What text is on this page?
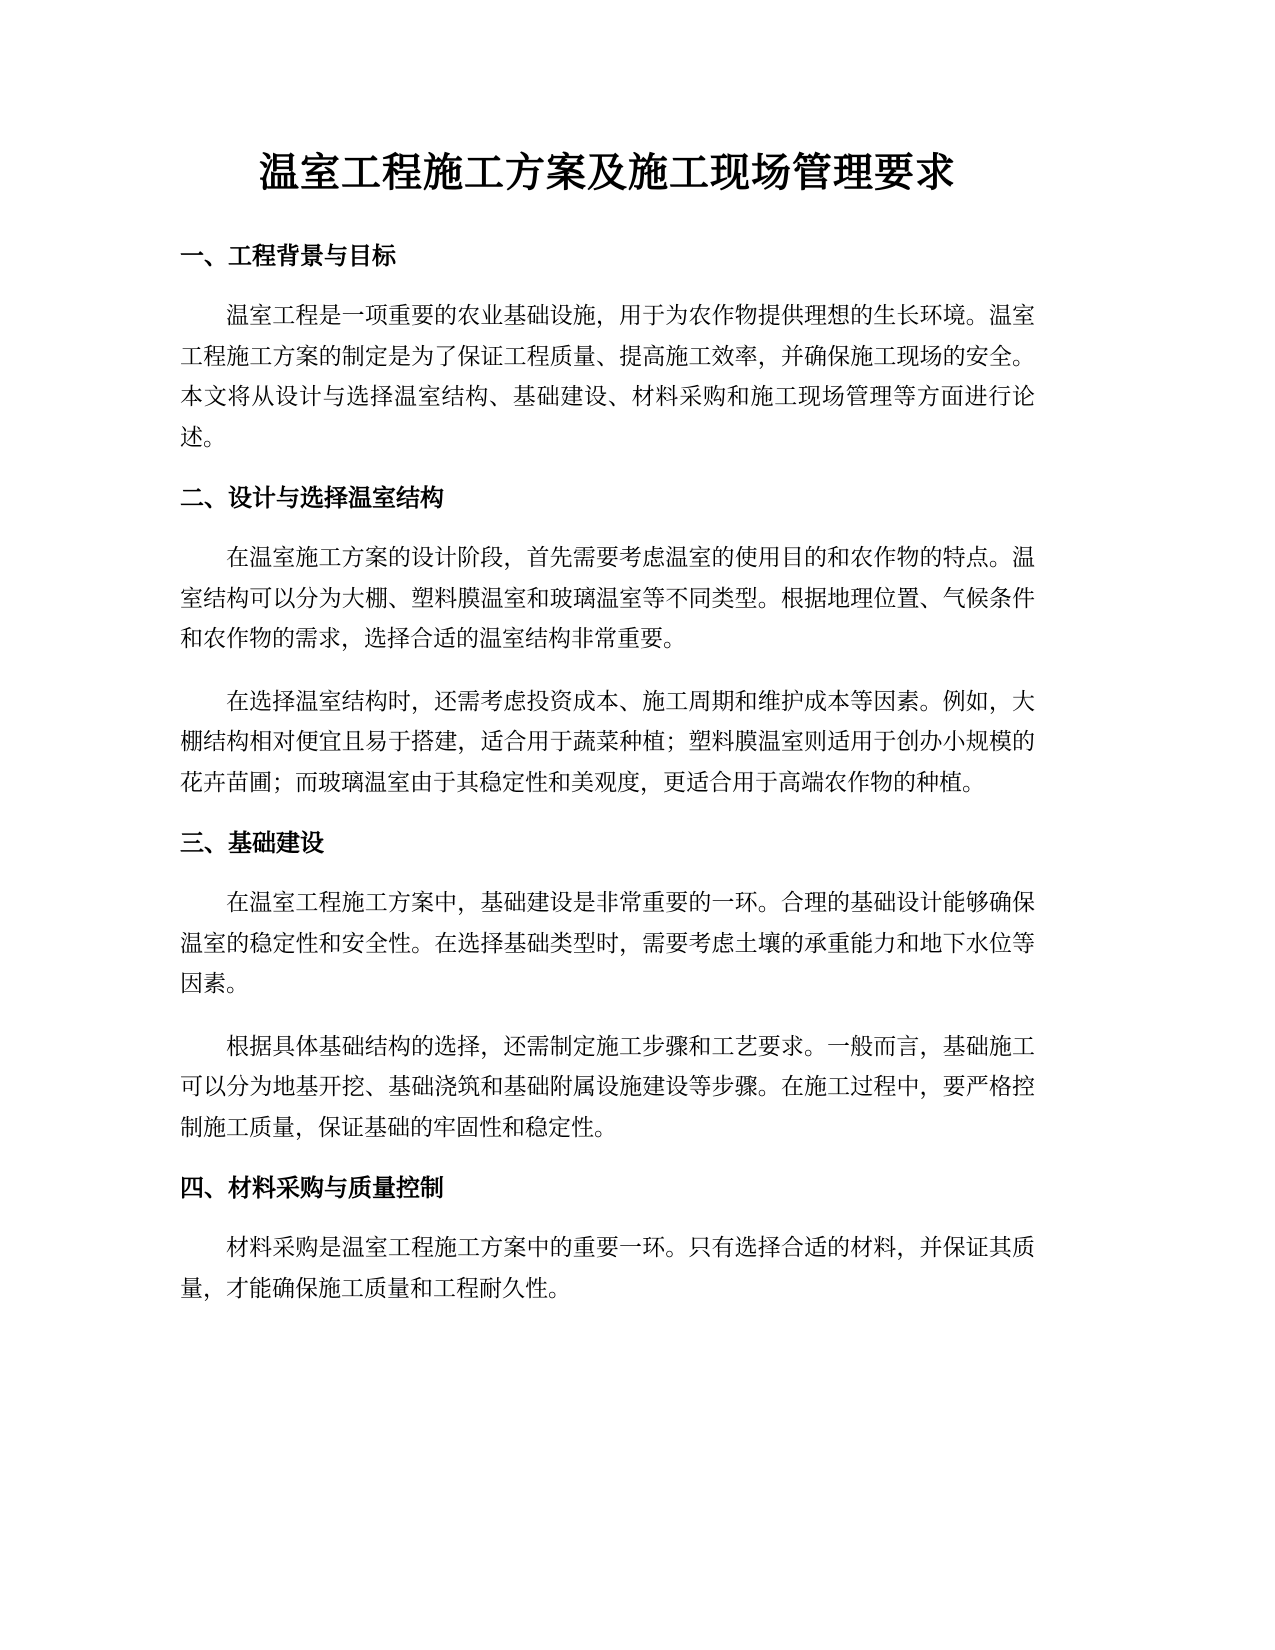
温室工程施工方案及施工现场管理要求
一、工程背景与目标

温室工程是一项重要的农业基础设施，用于为农作物提供理想的生长环境。温室工程施工方案的制定是为了保证工程质量、提高施工效率，并确保施工现场的安全。本文将从设计与选择温室结构、基础建设、材料采购和施工现场管理等方面进行论述。

二、设计与选择温室结构

在温室施工方案的设计阶段，首先需要考虑温室的使用目的和农作物的特点。温室结构可以分为大棚、塑料膜温室和玻璃温室等不同类型。根据地理位置、气候条件和农作物的需求，选择合适的温室结构非常重要。

在选择温室结构时，还需考虑投资成本、施工周期和维护成本等因素。例如，大棚结构相对便宜且易于搭建，适合用于蔬菜种植；塑料膜温室则适用于创办小规模的花卉苗圃；而玻璃温室由于其稳定性和美观度，更适合用于高端农作物的种植。

三、基础建设

在温室工程施工方案中，基础建设是非常重要的一环。合理的基础设计能够确保温室的稳定性和安全性。在选择基础类型时，需要考虑土壤的承重能力和地下水位等因素。

根据具体基础结构的选择，还需制定施工步骤和工艺要求。一般而言，基础施工可以分为地基开挖、基础浇筑和基础附属设施建设等步骤。在施工过程中，要严格控制施工质量，保证基础的牢固性和稳定性。

四、材料采购与质量控制

材料采购是温室工程施工方案中的重要一环。只有选择合适的材料，并保证其质量，才能确保施工质量和工程耐久性。
